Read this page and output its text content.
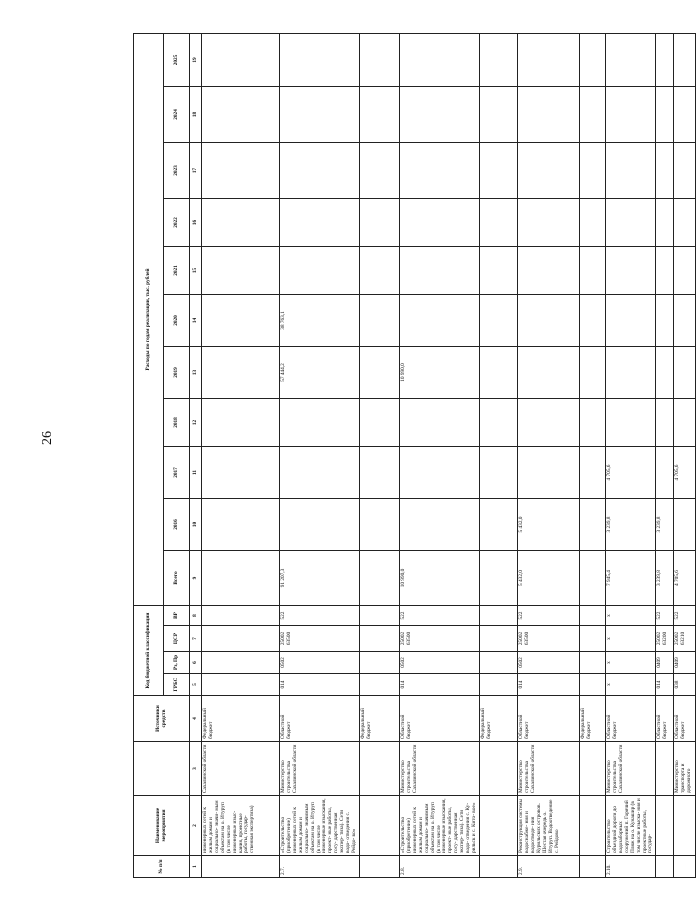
26
№ п/п	Наименование мероприятия		Источники средств	Код бюджетной классификации				Расходы по годам реализации, тыс. рублей										
				ГРБС	Рз, Пр	ЦСР	ВР	Всего	2016	2017	2018	2019	2020	2021	2022	2023	2024	2025
1	2	3	4	5	6	7	8	9	10	11	12	13	14	15	16	17	18	19
	инженерных сетей к жилым домам и социально- значи- мым объектам на о. Итуруп (в том числе инженерные изыс- кания, проектные работы, государ- ственная экспертиза)	Сахалинской области	Федеральный бюджет															
2.7.	«Строительство (приобретение) инженерных сетей к жилым домам и социально- значимым объектам на о. Итуруп (в том числе инженерные изыскания, проект- ные работы, госу- дарственная экспер- тиза). Сети водо- отведения с. Рейдо- во»	Министерство строительства Сахалинской области	Областной бюджет	014	0502	25002 63500	522	91 207,3				57 444,2	38 763,1					
			Федеральный бюджет															
2.8.	«Строительство (приобретение) инженерных сетей к жилым домам и социально- значимым объектам на о. Итуруп (в том числе инженерные изыскания, проект- ные работы, госу- дарственная экспер- тиза). Сети водо- отведения с. Ку- рильск и с. Кито- вое»	Министерство строительства Сахалинской области	Областной бюджет	014	0502	25002 63500	522	10 990,0				10 990,0						
			Федеральный бюджет															
2.9.	Реконструкция системы водоснабже- ния и водоотведе- ния Курильских островов. Шестая очередь о. Итуруп. Водоотведение с. Рейдово	Министерство строительства Сахалинской области	Областной бюджет	014	0502	25002 63500	522	5 432,0	5 432,0									
			Федеральный бюджет															
2.10.	Строительство объездной дороги до водозаборных сооружений п. Горячий Пляж на о. Кунашир (в том числе изыска- ния и проектные работы, государ-	Министерство строительства Сахалинской области	Областной бюджет	x	x	x	x	7 945,4	3 239,8	4 705,6								
			Областной бюджет	014	0409	25002 63200	522	3 239,8	3 239,8									
		Министерство транспорта и дорожного	Областной бюджет	038	0409	25002 63210	522	4 705,6		4 705,6								
